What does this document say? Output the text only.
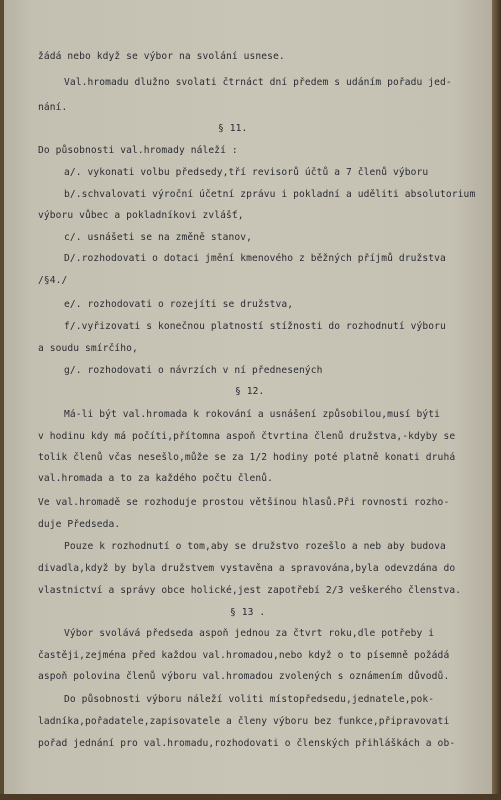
žádá nebo když se výbor na svolání usnese.
Val.hromadu dlužno svolati čtrnáct dní předem s udáním pořadu jed-
nání.
§ 11.
Do působnosti val.hromady náleží :
a/. vykonati volbu předsedy,tří revisorů účtů a 7 členů výboru
b/.schvalovati výroční účetní zprávu i pokladní a uděliti absolutorium
výboru vůbec a pokladníkovi zvlášť,
c/. usnášeti se na změně stanov,
D/.rozhodovati o dotaci jmění kmenového z běžných příjmů družstva
/§4./
e/. rozhodovati o rozejíti se družstva,
f/.vyřizovati s konečnou platností stížnosti do rozhodnutí výboru
a soudu smírčího,
g/. rozhodovati o návrzích v ní přednesených
§ 12.
Má-li být val.hromada k rokování a usnášení způsobilou,musí býti
v hodinu kdy má počíti,přítomna aspoň čtvrtina členů družstva,-kdyby se
tolik členů včas nesešlo,může se za 1/2 hodiny poté platně konati druhá
val.hromada a to za každého počtu členů.
Ve val.hromadě se rozhoduje prostou většinou hlasů.Při rovnosti rozho-
duje Předseda.
Pouze k rozhodnutí o tom,aby se družstvo rozešlo a neb aby budova
divadla,když by byla družstvem vystavěna a spravována,byla odevzdána do
vlastnictví a správy obce holické,jest zapotřebí 2/3 veškerého členstva.
§ 13 .
Výbor svolává předseda aspoň jednou za čtvrt roku,dle potřeby i
častěji,zejména před každou val.hromadou,nebo když o to písemně požádá
aspoň polovina členů výboru val.hromadou zvolených s oznámením důvodů.
Do působnosti výboru náleží voliti místopředsedu,jednatele,pok-
ladníka,pořadatele,zapisovatele a členy výboru bez funkce,připravovati
pořad jednání pro val.hromadu,rozhodovati o členských přihláškách a ob-
